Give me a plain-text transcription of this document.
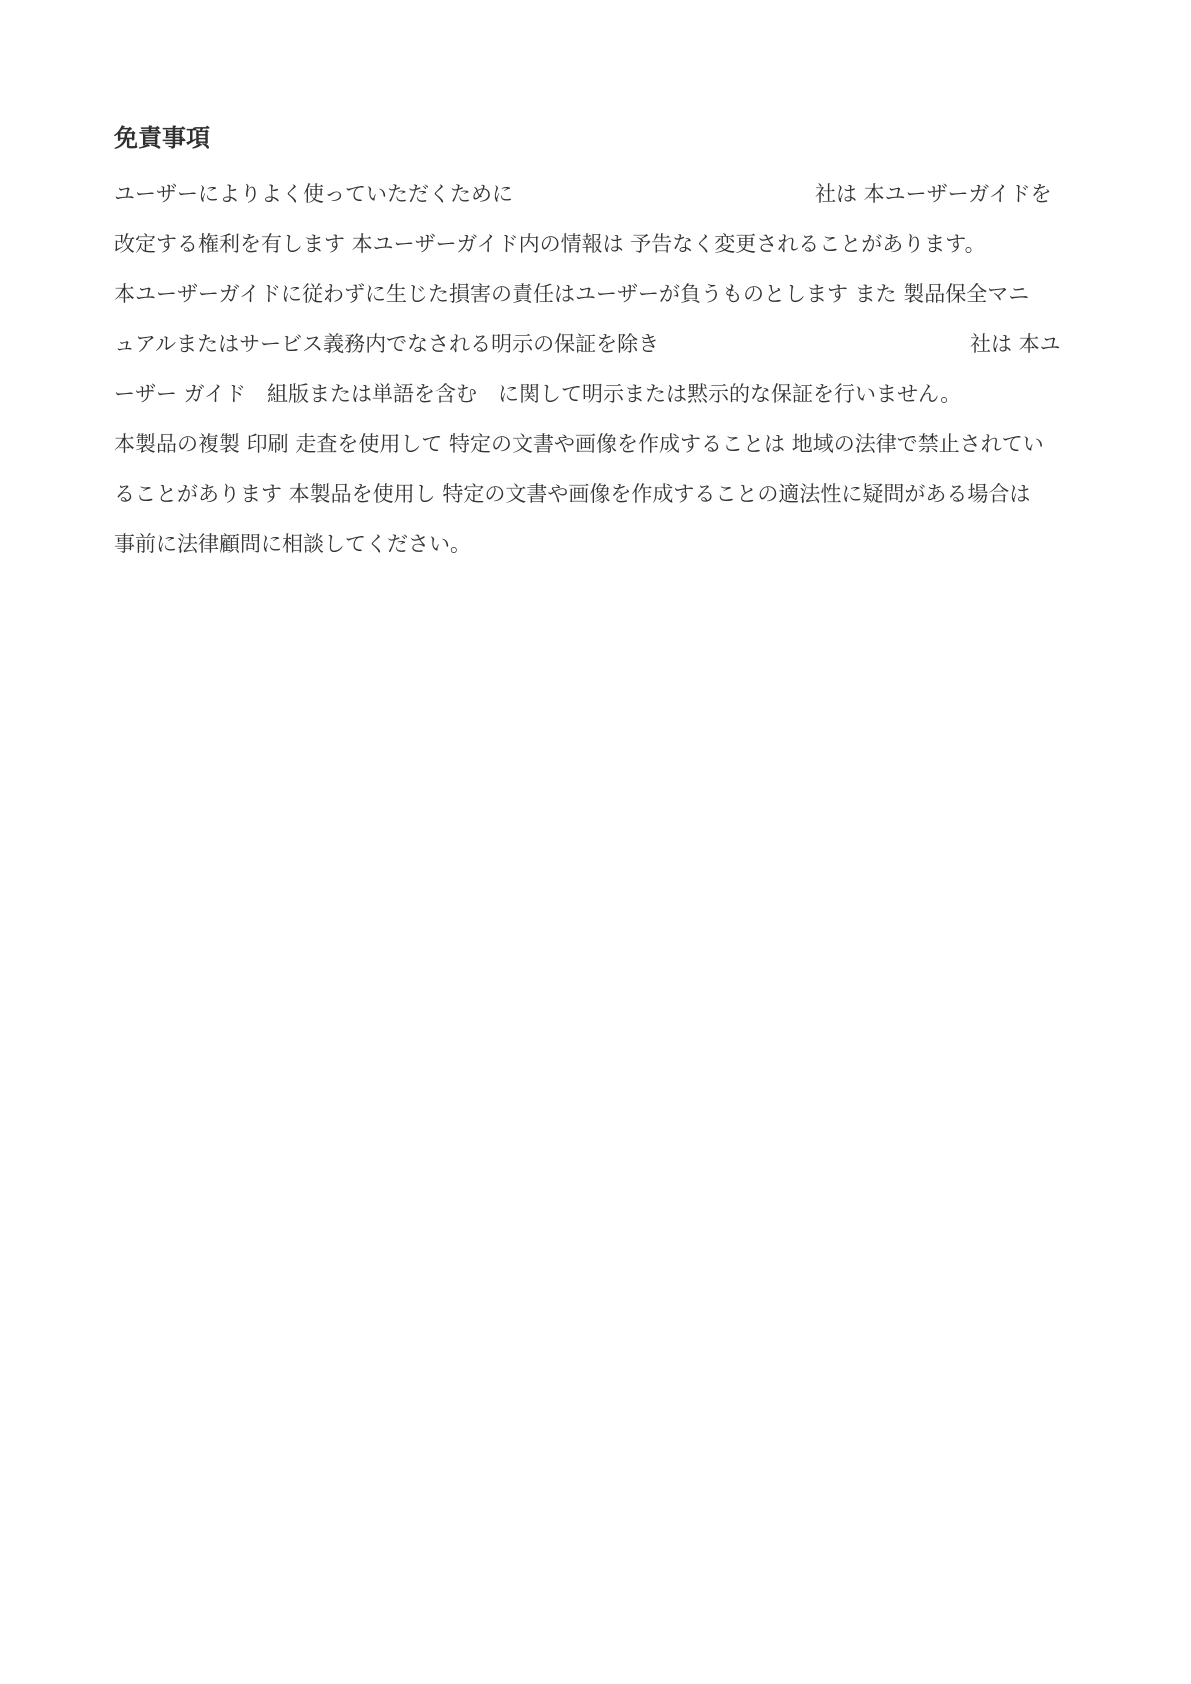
免責事項
ユーザーによりよく使っていただくために	社は 本ユーザーガイドを
改定する権利を有します 本ユーザーガイド内の情報は 予告なく変更されることがあります。
本ユーザーガイドに従わずに生じた損害の責任はユーザーが負うものとします また 製品保全マニ
ュアルまたはサービス義務内でなされる明示の保証を除き	社は 本ユ
ーザー ガイド　組版または単語を含む　に関して明示または黙示的な保証を行いません。
本製品の複製 印刷 走査を使用して 特定の文書や画像を作成することは 地域の法律で禁止されてい
ることがあります 本製品を使用し 特定の文書や画像を作成することの適法性に疑問がある場合は
事前に法律顧問に相談してください。
